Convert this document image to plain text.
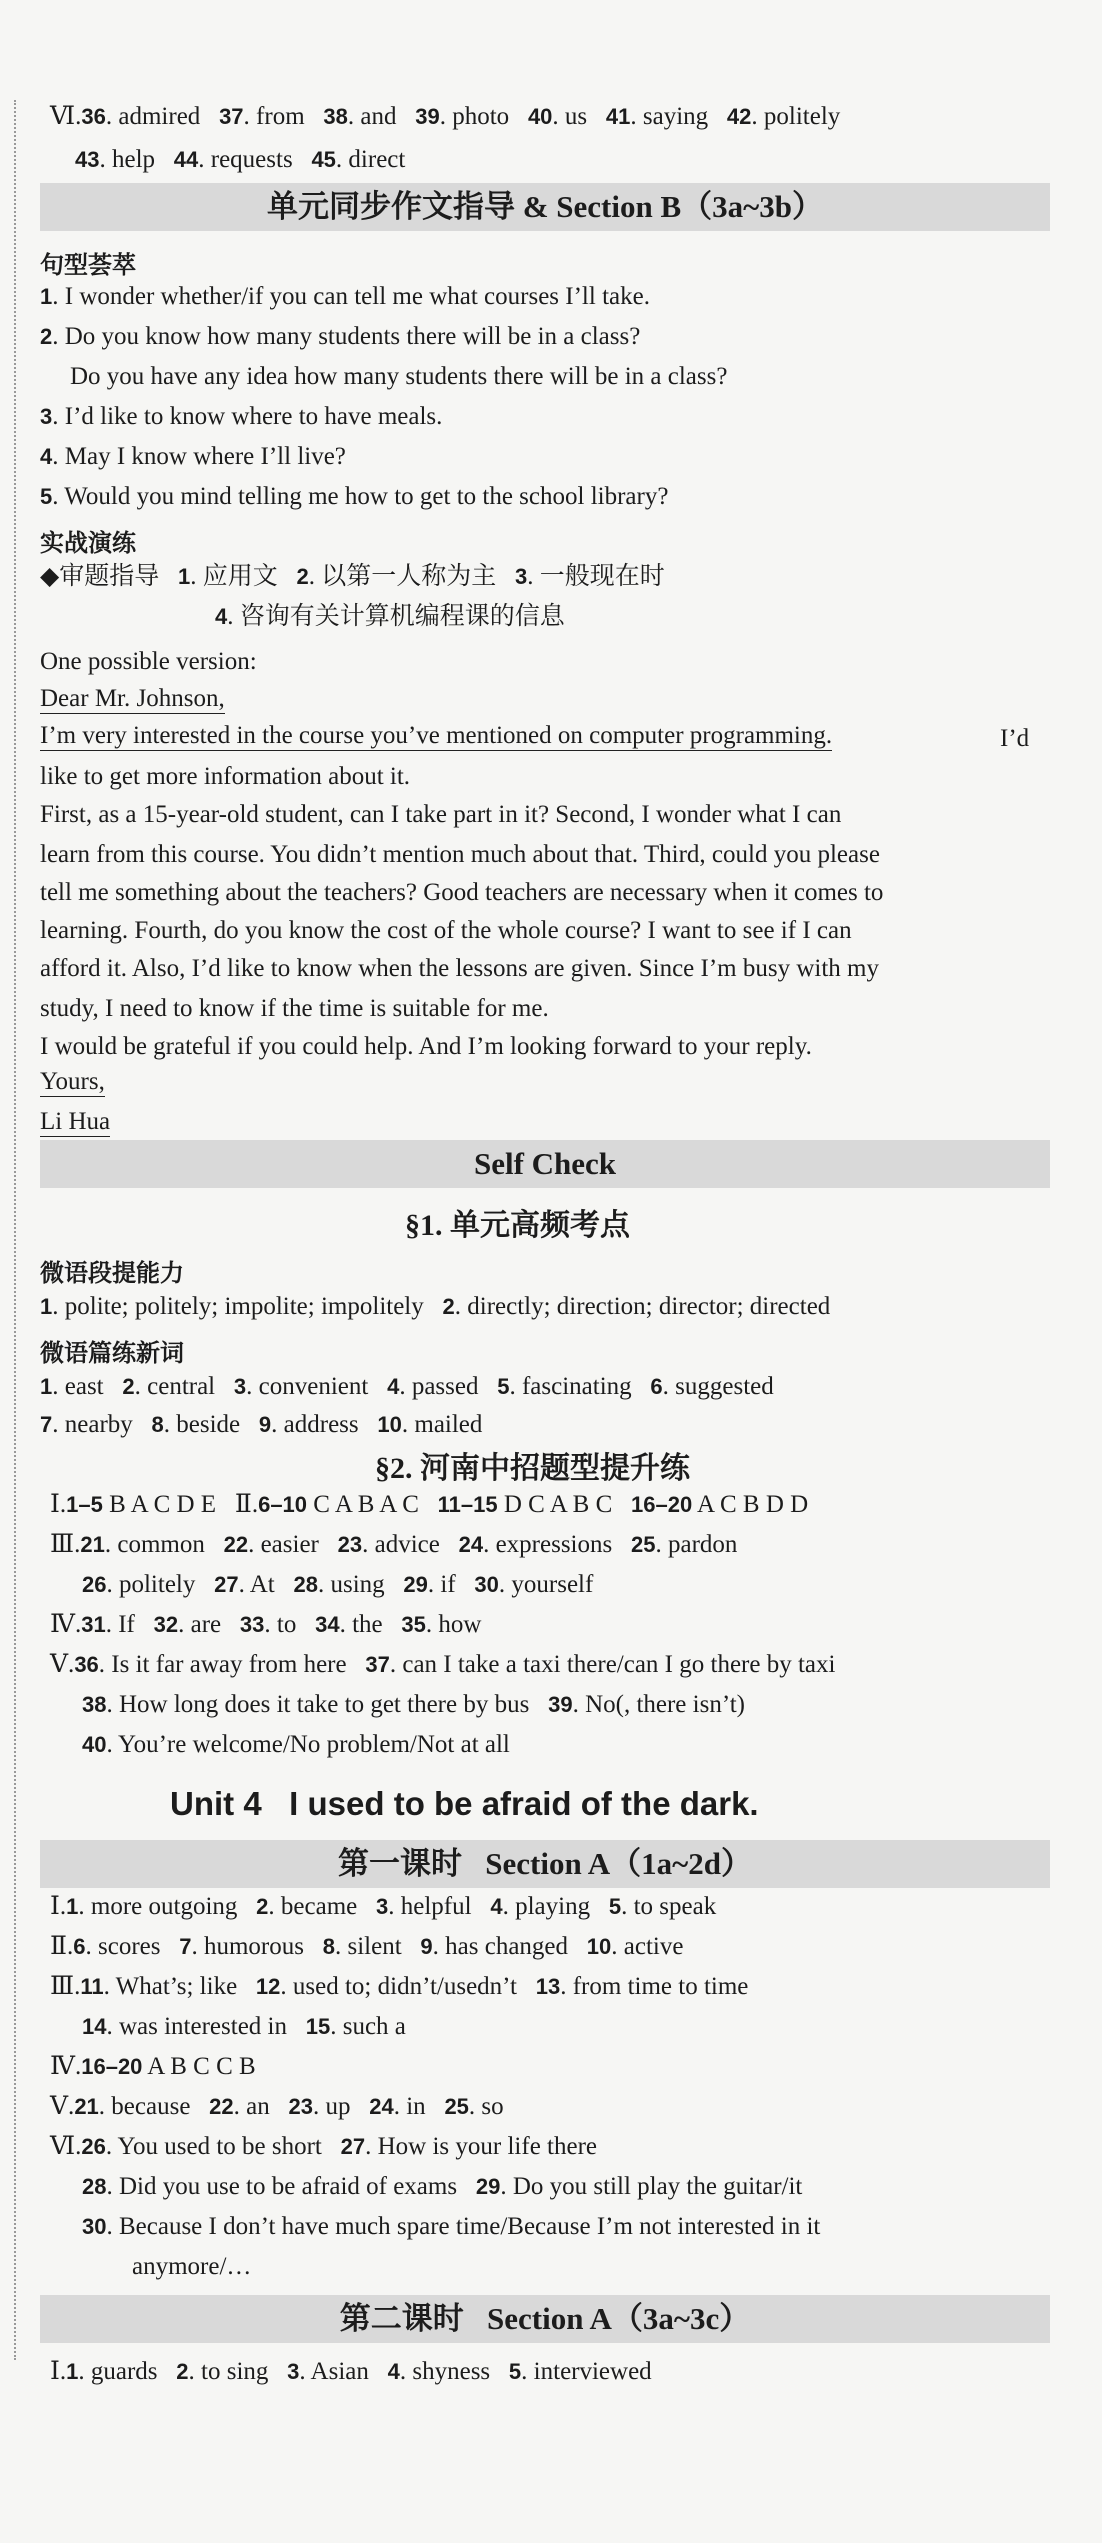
Unit 4   I used to be afraid of the dark.
单元同步作文指导 & Section B（3a~3b）
Self Check
第一课时   Section A（1a~2d）
第二课时   Section A（3a~3c）
§1. 单元高频考点
§2. 河南中招题型提升练
句型荟萃
实战演练
微语段提能力
微语篇练新词
Dear Mr. Johnson,
I’m very interested in the course you’ve mentioned on computer programming.
Yours,
Li Hua
Ⅵ.36. admired   37. from   38. and   39. photo   40. us   41. saying   42. politely
43. help   44. requests   45. direct
1. I wonder whether/if you can tell me what courses I’ll take.
2. Do you know how many students there will be in a class?
Do you have any idea how many students there will be in a class?
3. I’d like to know where to have meals.
4. May I know where I’ll live?
5. Would you mind telling me how to get to the school library?
◆审题指导   1. 应用文   2. 以第一人称为主   3. 一般现在时
4. 咨询有关计算机编程课的信息
One possible version:
I’d
like to get more information about it.
First, as a 15-year-old student, can I take part in it? Second, I wonder what I can
learn from this course. You didn’t mention much about that. Third, could you please
tell me something about the teachers? Good teachers are necessary when it comes to
learning. Fourth, do you know the cost of the whole course? I want to see if I can
afford it. Also, I’d like to know when the lessons are given. Since I’m busy with my
study, I need to know if the time is suitable for me.
I would be grateful if you could help. And I’m looking forward to your reply.
1. polite; politely; impolite; impolitely   2. directly; direction; director; directed
1. east   2. central   3. convenient   4. passed   5. fascinating   6. suggested
7. nearby   8. beside   9. address   10. mailed
Ⅰ.1–5 B A C D E   Ⅱ.6–10 C A B A C   11–15 D C A B C   16–20 A C B D D
Ⅲ.21. common   22. easier   23. advice   24. expressions   25. pardon
26. politely   27. At   28. using   29. if   30. yourself
Ⅳ.31. If   32. are   33. to   34. the   35. how
Ⅴ.36. Is it far away from here   37. can I take a taxi there/can I go there by taxi
38. How long does it take to get there by bus   39. No(, there isn’t)
40. You’re welcome/No problem/Not at all
Ⅰ.1. more outgoing   2. became   3. helpful   4. playing   5. to speak
Ⅱ.6. scores   7. humorous   8. silent   9. has changed   10. active
Ⅲ.11. What’s; like   12. used to; didn’t/usedn’t   13. from time to time
14. was interested in   15. such a
Ⅳ.16–20 A B C C B
Ⅴ.21. because   22. an   23. up   24. in   25. so
Ⅵ.26. You used to be short   27. How is your life there
28. Did you use to be afraid of exams   29. Do you still play the guitar/it
30. Because I don’t have much spare time/Because I’m not interested in it
anymore/…
Ⅰ.1. guards   2. to sing   3. Asian   4. shyness   5. interviewed
